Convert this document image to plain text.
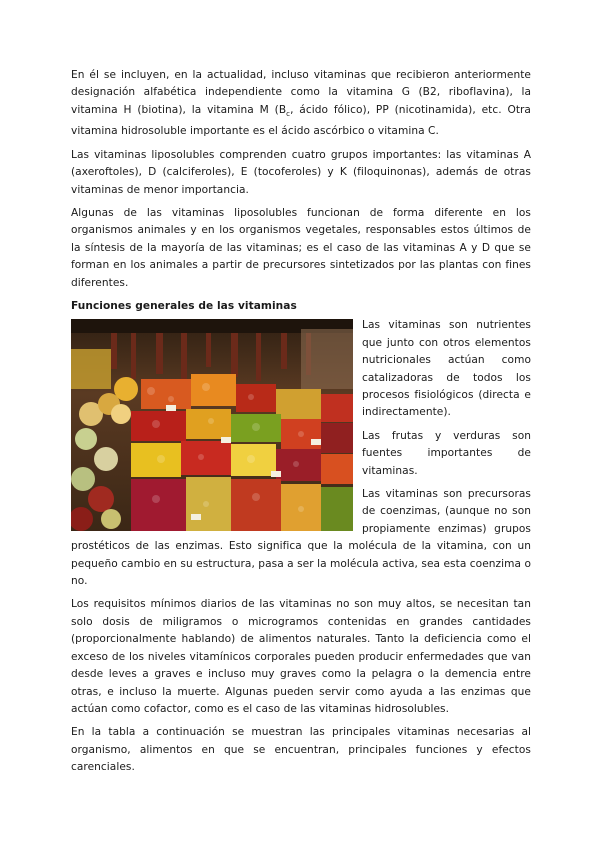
En él se incluyen, en la actualidad, incluso vitaminas que recibieron anteriormente designación alfabética independiente como la vitamina G (B2, riboflavina), la vitamina H (biotina), la vitamina M ($B_c$, ácido fólico), PP (nicotinamida), etc. Otra vitamina hidrosoluble importante es el ácido ascórbico o vitamina C.

Las vitaminas liposolubles comprenden cuatro grupos importantes: las vitaminas A (axeroftoles), D (calciferoles), E (tocoferoles) y K (filoquinonas), además de otras vitaminas de menor importancia.

Algunas de las vitaminas liposolubles funcionan de forma diferente en los organismos animales y en los organismos vegetales, responsables estos últimos de la síntesis de la mayoría de las vitaminas; es el caso de las vitaminas A y D que se forman en los animales a partir de precursores sintetizados por las plantas con fines diferentes.

Funciones generales de las vitaminas

Las vitaminas son nutrientes que junto con otros elementos nutricionales actúan como catalizadoras de todos los procesos fisiológicos (directa e indirectamente).

Las frutas y verduras son fuentes importantes de vitaminas.

Las vitaminas son precursoras de coenzimas, (aunque no son propiamente enzimas) grupos prostéticos de las enzimas. Esto significa que la molécula de la vitamina, con un pequeño cambio en su estructura, pasa a ser la molécula activa, sea esta coenzima o no.

Los requisitos mínimos diarios de las vitaminas no son muy altos, se necesitan tan solo dosis de miligramos o microgramos contenidas en grandes cantidades (proporcionalmente hablando) de alimentos naturales. Tanto la deficiencia como el exceso de los niveles vitamínicos corporales pueden producir enfermedades que van desde leves a graves e incluso muy graves como la pelagra o la demencia entre otras, e incluso la muerte. Algunas pueden servir como ayuda a las enzimas que actúan como cofactor, como es el caso de las vitaminas hidrosolubles.

En la tabla a continuación se muestran las principales vitaminas necesarias al organismo, alimentos en que se encuentran, principales funciones y efectos carenciales.
